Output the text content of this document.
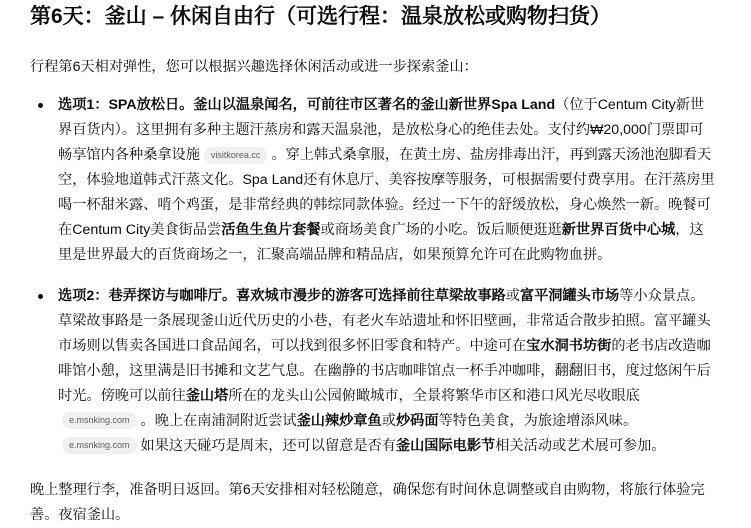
第6天：釜山 – 休闲自由行（可选行程：温泉放松或购物扫货）

行程第6天相对弹性，您可以根据兴趣选择休闲活动或进一步探索釜山：

选项1：SPA放松日。釜山以温泉闻名，可前往市区著名的釜山新世界Spa Land（位于Centum City新世界百货内）。这里拥有多种主题汗蒸房和露天温泉池，是放松身心的绝佳去处。支付约₩20,000门票即可畅享馆内各种桑拿设施 visitkorea.cc 。穿上韩式桑拿服，在黄土房、盐房排毒出汗，再到露天汤池泡脚看天空，体验地道韩式汗蒸文化。Spa Land还有休息厅、美容按摩等服务，可根据需要付费享用。在汗蒸房里喝一杯甜米露、啃个鸡蛋，是非常经典的韩综同款体验。经过一下午的舒缓放松，身心焕然一新。晚餐可在Centum City美食街品尝活鱼生鱼片套餐或商场美食广场的小吃。饭后顺便逛逛新世界百货中心城，这里是世界最大的百货商场之一，汇聚高端品牌和精品店，如果预算允许可在此购物血拼。
选项2：巷弄探访与咖啡厅。喜欢城市漫步的游客可选择前往草梁故事路或富平洞罐头市场等小众景点。草梁故事路是一条展现釜山近代历史的小巷，有老火车站遗址和怀旧壁画，非常适合散步拍照。富平罐头市场则以售卖各国进口食品闻名，可以找到很多怀旧零食和特产。中途可在宝水洞书坊街的老书店改造咖啡馆小憩，这里满是旧书摊和文艺气息。在幽静的书店咖啡馆点一杯手冲咖啡，翻翻旧书，度过悠闲午后时光。傍晚可以前往釜山塔所在的龙头山公园俯瞰城市，全景将繁华市区和港口风光尽收眼底e.msnking.com 。晚上在南浦洞附近尝试釜山辣炒章鱼或炒码面等特色美食，为旅途增添风味。e.msnking.com 如果这天碰巧是周末，还可以留意是否有釜山国际电影节相关活动或艺术展可参加。

晚上整理行李，准备明日返回。第6天安排相对轻松随意，确保您有时间休息调整或自由购物，将旅行体验完善。夜宿釜山。
